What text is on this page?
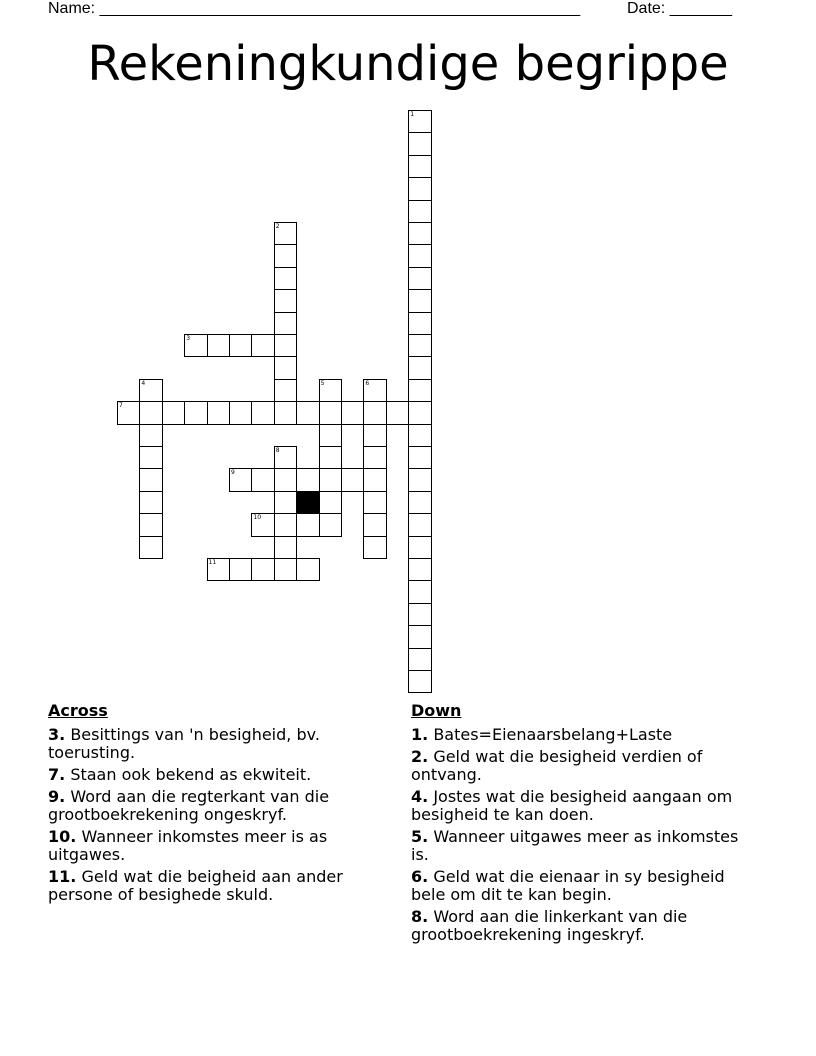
Name: ______________________________________________________	Date: _______
Rekeningkundige begrippe
1
2
3
4	5	6
7
8
9
10
11
Across
3. Besittings van 'n besigheid, bv. toerusting.
7. Staan ook bekend as ekwiteit.
9. Word aan die regterkant van die grootboekrekening ongeskryf.
10. Wanneer inkomstes meer is as uitgawes.
11. Geld wat die beigheid aan ander persone of besighede skuld.
Down
1. Bates=Eienaarsbelang+Laste
2. Geld wat die besigheid verdien of ontvang.
4. Jostes wat die besigheid aangaan om besigheid te kan doen.
5. Wanneer uitgawes meer as inkomstes is.
6. Geld wat die eienaar in sy besigheid bele om dit te kan begin.
8. Word aan die linkerkant van die grootboekrekening ingeskryf.
